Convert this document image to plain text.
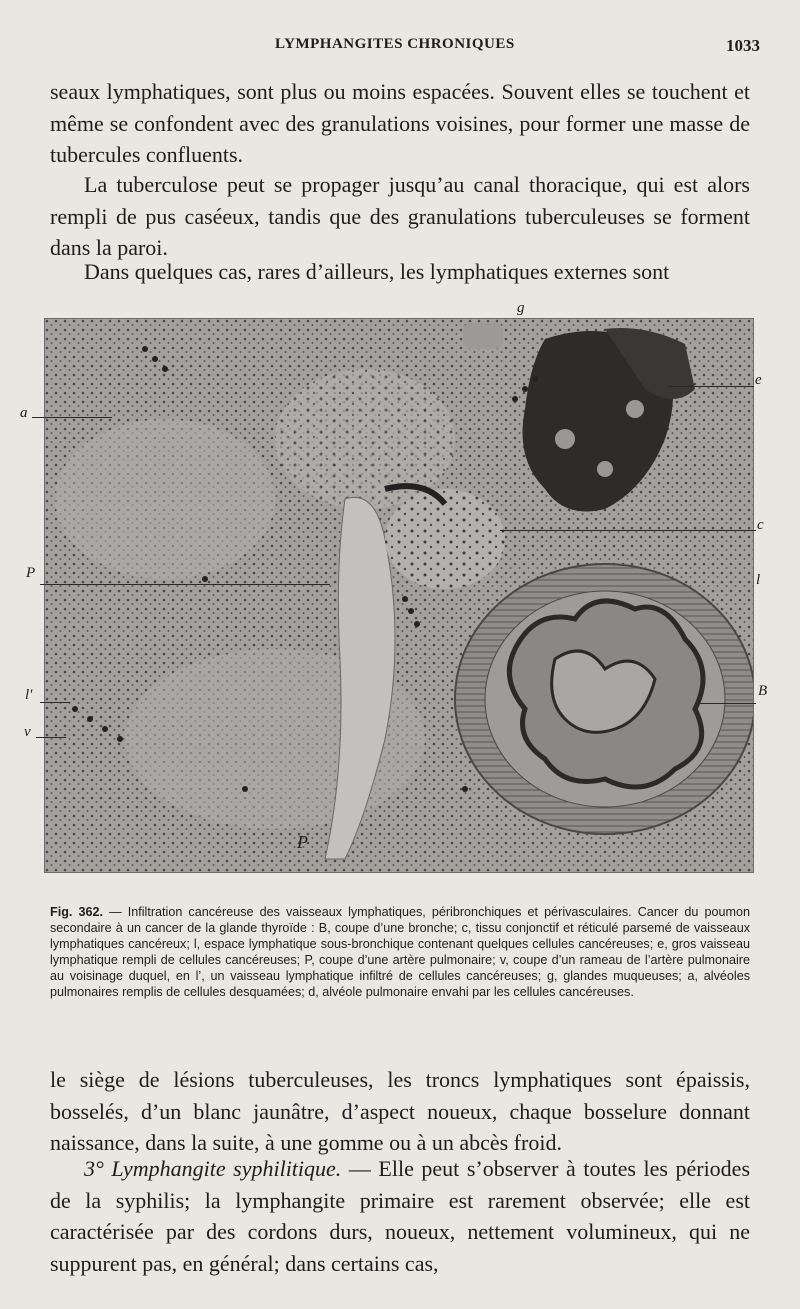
LYMPHANGITES CHRONIQUES	1033

seaux lymphatiques, sont plus ou moins espacées. Souvent elles se touchent et même se confondent avec des granulations voisines, pour former une masse de tubercules confluents.

La tuberculose peut se propager jusqu’au canal thoracique, qui est alors rempli de pus caséeux, tandis que des granulations tuberculeuses se forment dans la paroi.

Dans quelques cas, rares d’ailleurs, les lymphatiques externes sont

a
g
e
c
P	l
l'
v
B
P

Fig. 362. — Infiltration cancéreuse des vaisseaux lymphatiques, péribronchiques et périvasculaires. Cancer du poumon secondaire à un cancer de la glande thyroïde : B, coupe d’une bronche; c, tissu conjonctif et réticulé parsemé de vaisseaux lymphatiques cancéreux; l, espace lymphatique sous-bronchique contenant quelques cellules cancéreuses; e, gros vaisseau lymphatique rempli de cellules cancéreuses; P, coupe d’une artère pulmonaire; v, coupe d’un rameau de l’artère pulmonaire au voisinage duquel, en l’, un vaisseau lymphatique infiltré de cellules cancéreuses; g, glandes muqueuses; a, alvéoles pulmonaires remplis de cellules desquamées; d, alvéole pulmonaire envahi par les cellules cancéreuses.

le siège de lésions tuberculeuses, les troncs lymphatiques sont épaissis, bosselés, d’un blanc jaunâtre, d’aspect noueux, chaque bosselure donnant naissance, dans la suite, à une gomme ou à un abcès froid.

3° Lymphangite syphilitique. — Elle peut s’observer à toutes les périodes de la syphilis; la lymphangite primaire est rarement observée; elle est caractérisée par des cordons durs, noueux, nettement volumineux, qui ne suppurent pas, en général; dans certains cas,
